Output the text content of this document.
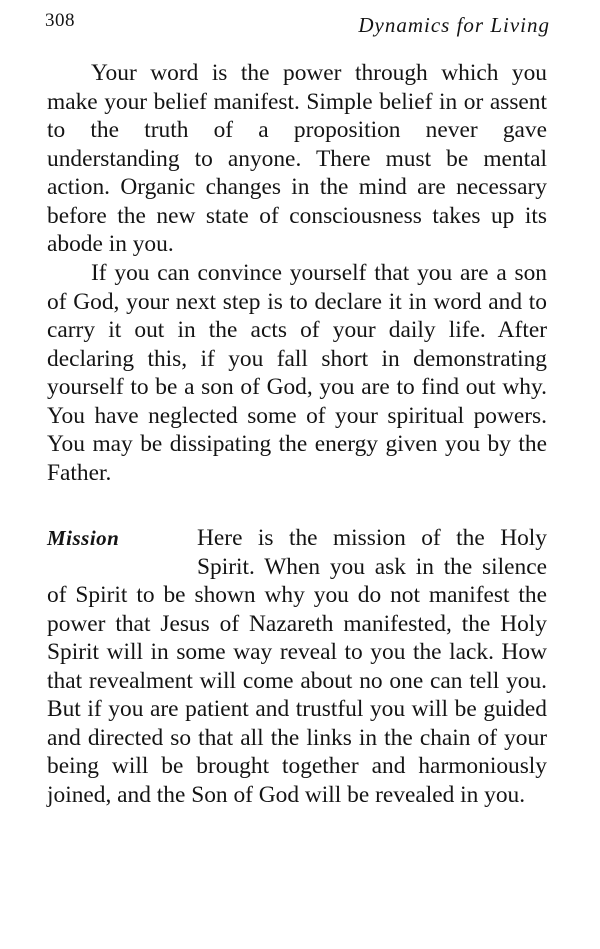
308	Dynamics for Living

Your word is the power through which you make your belief manifest. Simple belief in or assent to the truth of a proposition never gave understanding to anyone. There must be mental action. Organic changes in the mind are necessary before the new state of consciousness takes up its abode in you.

If you can convince yourself that you are a son of God, your next step is to declare it in word and to carry it out in the acts of your daily life. After declaring this, if you fall short in demonstrating yourself to be a son of God, you are to find out why. You have neglected some of your spiritual powers. You may be dissipating the energy given you by the Father.

Mission	Here is the mission of the Holy Spirit. When you ask in the silence of Spirit to be shown why you do not manifest the power that Jesus of Nazareth manifested, the Holy Spirit will in some way reveal to you the lack. How that revealment will come about no one can tell you. But if you are patient and trustful you will be guided and directed so that all the links in the chain of your being will be brought together and harmoniously joined, and the Son of God will be revealed in you.
